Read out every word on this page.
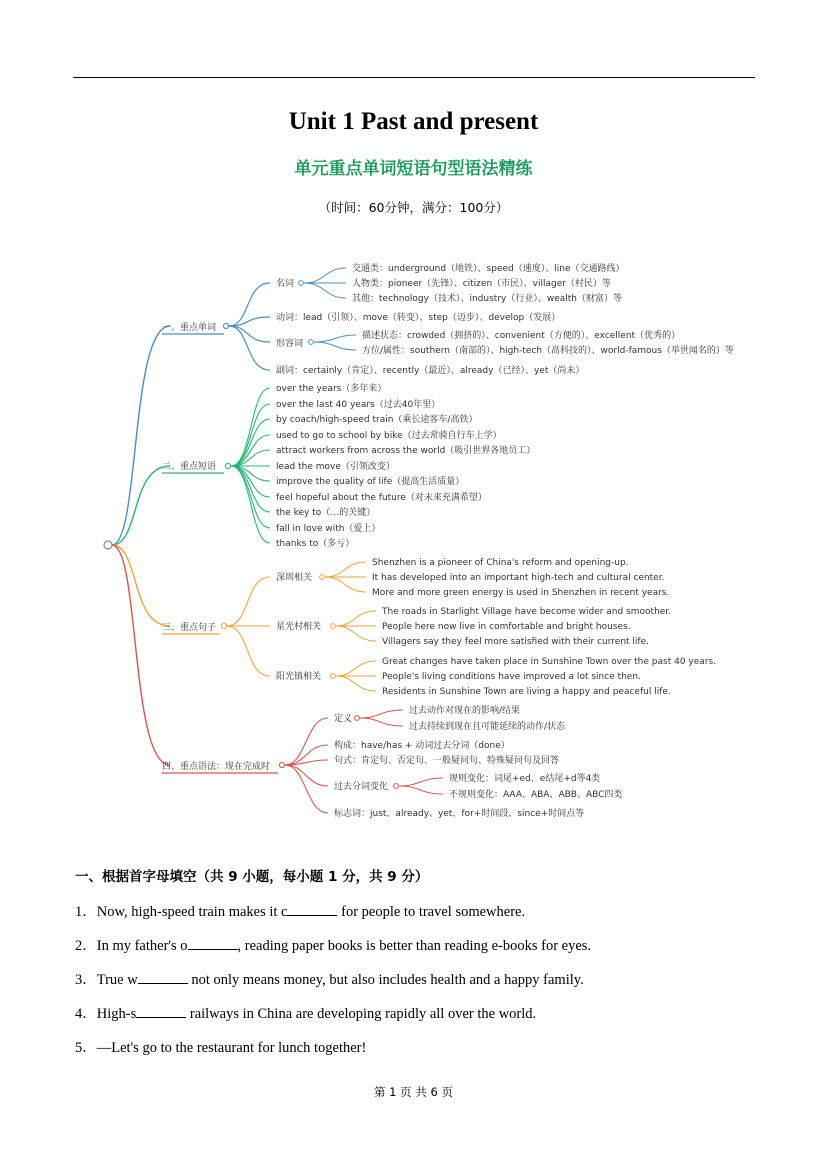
Unit 1 Past and present
单元重点单词短语句型语法精练
（时间：60分钟，满分：100分）
一、重点单词
名词
交通类：underground（地铁）、speed（速度）、line（交通路线）
人物类：pioneer（先锋）、citizen（市民）、villager（村民）等
其他：technology（技术）、industry（行业）、wealth（财富）等
动词：lead（引领）、move（转变）、step（迈步）、develop（发展）
形容词
描述状态：crowded（拥挤的）、convenient（方便的）、excellent（优秀的）
方位/属性：southern（南部的）、high-tech（高科技的）、world-famous（举世闻名的）等
副词：certainly（肯定）、recently（最近）、already（已经）、yet（尚未）
二、重点短语
over the years（多年来）
over the last 40 years（过去40年里）
by coach/high-speed train（乘长途客车/高铁）
used to go to school by bike（过去常骑自行车上学）
attract workers from across the world（吸引世界各地员工）
lead the move（引领改变）
improve the quality of life（提高生活质量）
feel hopeful about the future（对未来充满希望）
the key to（…的关键）
fall in love with（爱上）
thanks to（多亏）
三、重点句子
深圳相关
Shenzhen is a pioneer of China's reform and opening-up.
It has developed into an important high-tech and cultural center.
More and more green energy is used in Shenzhen in recent years.
星光村相关
The roads in Starlight Village have become wider and smoother.
People here now live in comfortable and bright houses.
Villagers say they feel more satisfied with their current life.
阳光镇相关
Great changes have taken place in Sunshine Town over the past 40 years.
People's living conditions have improved a lot since then.
Residents in Sunshine Town are living a happy and peaceful life.
四、重点语法：现在完成时
定义
过去动作对现在的影响/结果
过去持续到现在且可能延续的动作/状态
构成：have/has + 动词过去分词（done）
句式：肯定句、否定句、一般疑问句、特殊疑问句及回答
过去分词变化
规则变化：词尾+ed、e结尾+d等4类
不规则变化：AAA、ABA、ABB、ABC四类
标志词：just、already、yet、for+时间段、since+时间点等
一、根据首字母填空（共 9 小题，每小题 1 分，共 9 分）
1．Now, high-speed train makes it c	for people to travel somewhere.
2．In my father's o	, reading paper books is better than reading e-books for eyes.
3．True w	not only means money, but also includes health and a happy family.
4．High-s	railways in China are developing rapidly all over the world.
5．—Let's go to the restaurant for lunch together!
第 1 页 共 6 页
